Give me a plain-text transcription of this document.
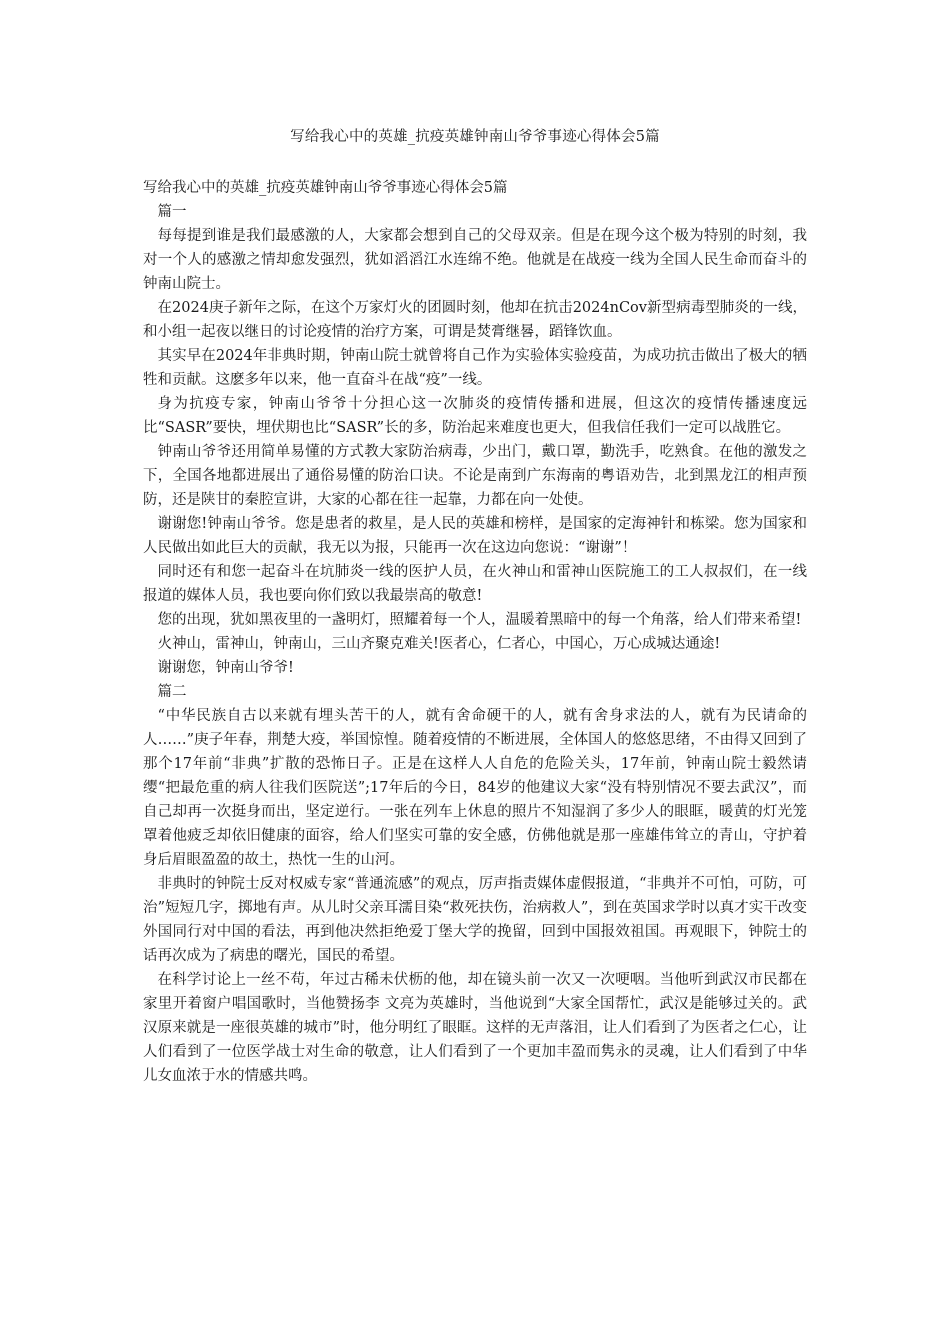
写给我心中的英雄_抗疫英雄钟南山爷爷事迹心得体会5篇

写给我心中的英雄_抗疫英雄钟南山爷爷事迹心得体会5篇

篇一

每每提到谁是我们最感激的人，大家都会想到自己的父母双亲。但是在现今这个极为特别的时刻，我对一个人的感激之情却愈发强烈，犹如滔滔江水连绵不绝。他就是在战疫一线为全国人民生命而奋斗的钟南山院士。

在2024庚子新年之际，在这个万家灯火的团圆时刻，他却在抗击2024nCov新型病毒型肺炎的一线，和小组一起夜以继日的讨论疫情的治疗方案，可谓是焚膏继晷，蹈锋饮血。

其实早在2024年非典时期，钟南山院士就曾将自己作为实验体实验疫苗，为成功抗击做出了极大的牺牲和贡献。这麽多年以来，他一直奋斗在战“疫”一线。

身为抗疫专家，钟南山爷爷十分担心这一次肺炎的疫情传播和进展，但这次的疫情传播速度远比“SASR”要快，埋伏期也比“SASR”长的多，防治起来难度也更大，但我信任我们一定可以战胜它。

钟南山爷爷还用简单易懂的方式教大家防治病毒，少出门，戴口罩，勤洗手，吃熟食。在他的激发之下，全国各地都进展出了通俗易懂的防治口诀。不论是南到广东海南的粤语劝告，北到黑龙江的相声预防，还是陕甘的秦腔宣讲，大家的心都在往一起靠，力都在向一处使。

谢谢您!钟南山爷爷。您是患者的救星，是人民的英雄和榜样，是国家的定海神针和栋梁。您为国家和人民做出如此巨大的贡献，我无以为报，只能再一次在这边向您说：“谢谢”！

同时还有和您一起奋斗在坑肺炎一线的医护人员，在火神山和雷神山医院施工的工人叔叔们，在一线报道的媒体人员，我也要向你们致以我最崇高的敬意!

您的出现，犹如黑夜里的一盏明灯，照耀着每一个人，温暖着黑暗中的每一个角落，给人们带来希望!

火神山，雷神山，钟南山，三山齐聚克难关!医者心，仁者心，中国心，万心成城达通途!

谢谢您，钟南山爷爷!

篇二

“中华民族自古以来就有埋头苦干的人，就有舍命硬干的人，就有舍身求法的人，就有为民请命的人……”庚子年春，荆楚大疫，举国惊惶。随着疫情的不断进展，全体国人的悠悠思绪，不由得又回到了那个17年前“非典”扩散的恐怖日子。正是在这样人人自危的危险关头，17年前，钟南山院士毅然请缨“把最危重的病人往我们医院送”;17年后的今日，84岁的他建议大家“没有特别情况不要去武汉”，而自己却再一次挺身而出，坚定逆行。一张在列车上休息的照片不知湿润了多少人的眼眶，暖黄的灯光笼罩着他疲乏却依旧健康的面容，给人们坚实可靠的安全感，仿佛他就是那一座雄伟耸立的青山，守护着身后眉眼盈盈的故土，热忱一生的山河。

非典时的钟院士反对权威专家“普通流感”的观点，厉声指责媒体虚假报道，“非典并不可怕，可防，可治”短短几字，掷地有声。从儿时父亲耳濡目染“救死扶伤，治病救人”，到在英国求学时以真才实干改变外国同行对中国的看法，再到他决然拒绝爱丁堡大学的挽留，回到中国报效祖国。再观眼下，钟院士的话再次成为了病患的曙光，国民的希望。

在科学讨论上一丝不苟，年过古稀未伏枥的他，却在镜头前一次又一次哽咽。当他听到武汉市民都在家里开着窗户唱国歌时，当他赞扬李 文亮为英雄时，当他说到“大家全国帮忙，武汉是能够过关的。武汉原来就是一座很英雄的城市”时，他分明红了眼眶。这样的无声落泪，让人们看到了为医者之仁心，让人们看到了一位医学战士对生命的敬意，让人们看到了一个更加丰盈而隽永的灵魂，让人们看到了中华儿女血浓于水的情感共鸣。
